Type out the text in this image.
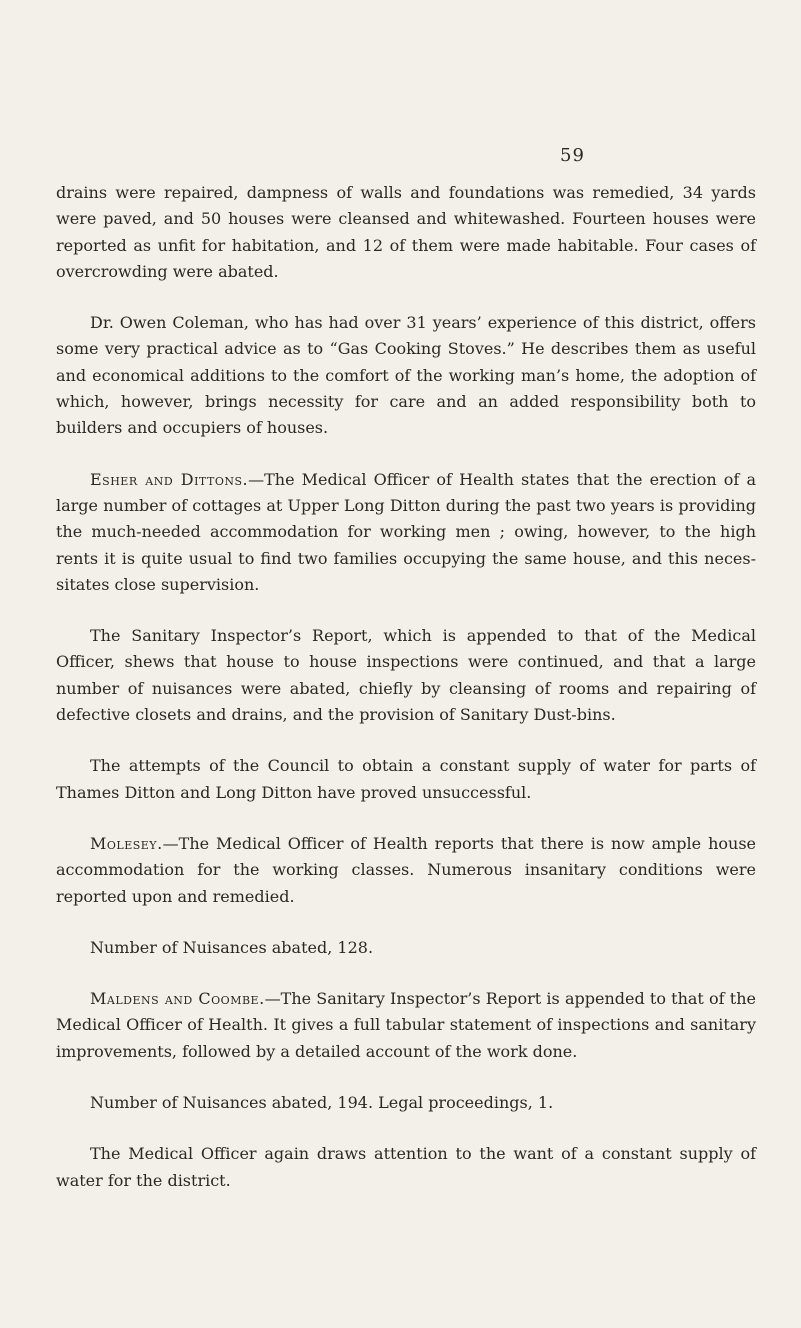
59

drains were repaired, dampness of walls and foundations was remedied, 34 yards were paved, and 50 houses were cleansed and whitewashed. Fourteen houses were reported as unfit for habitation, and 12 of them were made habitable. Four cases of overcrowding were abated.

Dr. Owen Coleman, who has had over 31 years’ experience of this district, offers some very practical advice as to “Gas Cooking Stoves.” He describes them as useful and economical additions to the comfort of the working man’s home, the adoption of which, however, brings necessity for care and an added responsibility both to builders and occupiers of houses.

Esher and Dittons.—The Medical Officer of Health states that the erection of a large number of cottages at Upper Long Ditton during the past two years is providing the much-needed accommodation for working men ; owing, however, to the high rents it is quite usual to find two families occupying the same house, and this necessitates close supervision.

The Sanitary Inspector’s Report, which is appended to that of the Medical Officer, shews that house to house inspections were continued, and that a large number of nuisances were abated, chiefly by cleansing of rooms and repairing of defective closets and drains, and the provision of Sanitary Dust-bins.

The attempts of the Council to obtain a constant supply of water for parts of Thames Ditton and Long Ditton have proved unsuccessful.

Molesey.—The Medical Officer of Health reports that there is now ample house accommodation for the working classes. Numerous insanitary conditions were reported upon and remedied.

Number of Nuisances abated, 128.

Maldens and Coombe.—The Sanitary Inspector’s Report is appended to that of the Medical Officer of Health. It gives a full tabular statement of inspections and sanitary improvements, followed by a detailed account of the work done.

Number of Nuisances abated, 194. Legal proceedings, 1.

The Medical Officer again draws attention to the want of a constant supply of water for the district.
